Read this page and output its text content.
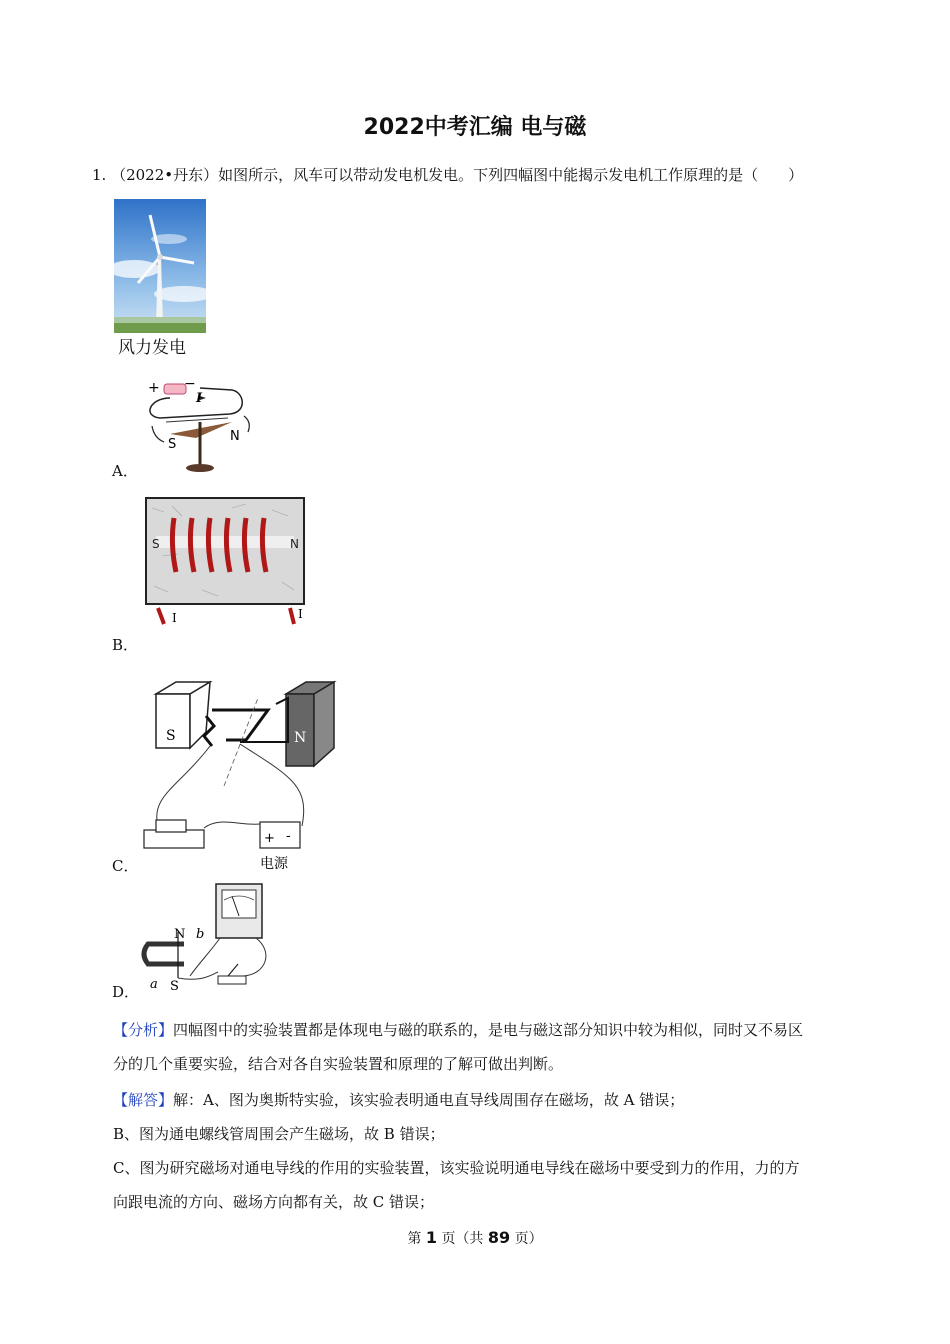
2022中考汇编 电与磁
1. （2022•丹东）如图所示，风车可以带动发电机发电。下列四幅图中能揭示发电机工作原理的是（　　）
风力发电
+ −
I
S
N
A．
S	N
I	I
B．
S	N
+ -
电源
C．
N b
S
a
D．
【分析】四幅图中的实验装置都是体现电与磁的联系的，是电与磁这部分知识中较为相似，同时又不易区
分的几个重要实验，结合对各自实验装置和原理的了解可做出判断。
【解答】解：A、图为奥斯特实验，该实验表明通电直导线周围存在磁场，故 A 错误；
B、图为通电螺线管周围会产生磁场，故 B 错误；
C、图为研究磁场对通电导线的作用的实验装置，该实验说明通电导线在磁场中要受到力的作用，力的方
向跟电流的方向、磁场方向都有关，故 C 错误；
第 1 页（共 89 页）
